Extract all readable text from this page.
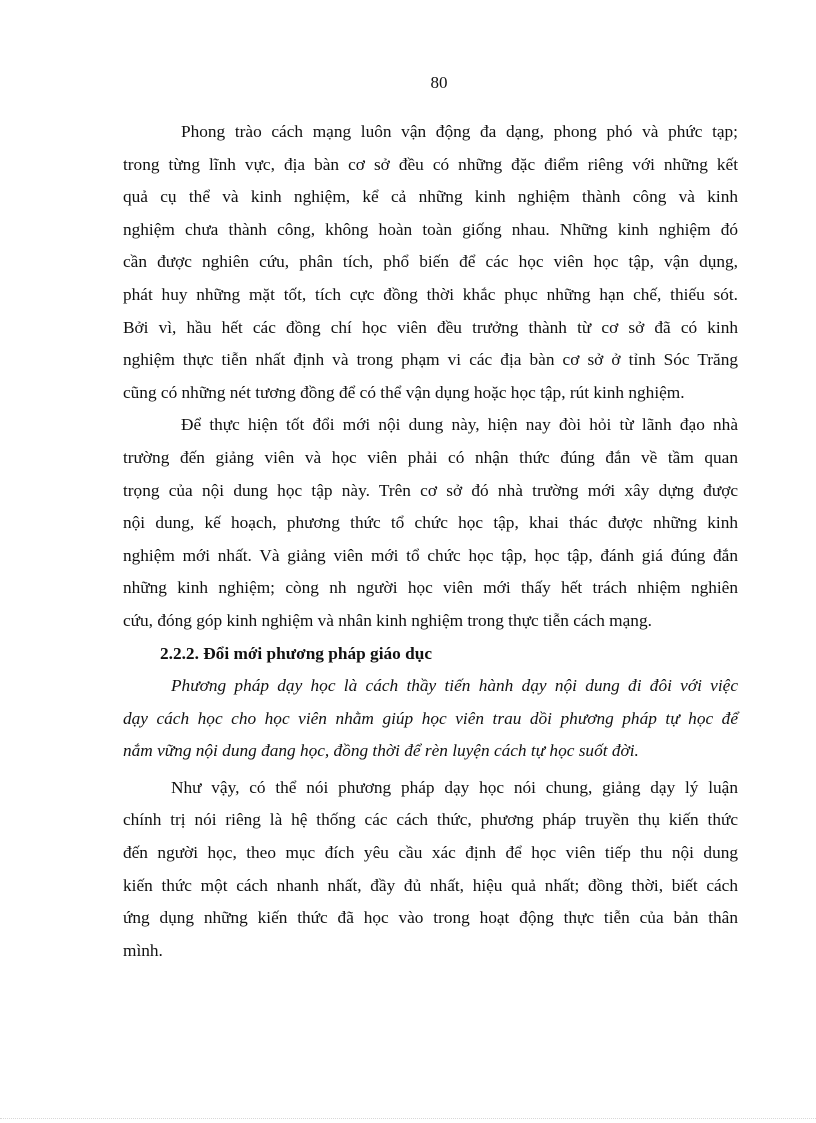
80

Phong trào cách mạng luôn vận động đa dạng, phong phó và phức tạp;
trong từng lĩnh vực, địa bàn cơ sở đều có những đặc điểm riêng với những kết
quả cụ thể và kinh nghiệm, kể cả những kinh nghiệm thành công và kinh
nghiệm chưa thành công, không hoàn toàn giống nhau. Những kinh nghiệm đó
cần được nghiên cứu, phân tích, phổ biến để các học viên học tập, vận dụng,
phát huy những mặt tốt, tích cực đồng thời khắc phục những hạn chế, thiếu sót.
Bởi vì, hầu hết các đồng chí học viên đều trưởng thành từ cơ sở đã có kinh
nghiệm thực tiễn nhất định và trong phạm vi các địa bàn cơ sở ở tỉnh Sóc Trăng
cũng có những nét tương đồng để có thể vận dụng hoặc học tập, rút kinh nghiệm.
Để thực hiện tốt đổi mới nội dung này, hiện nay đòi hỏi từ lãnh đạo nhà
trường đến giảng viên và học viên phải có nhận thức đúng đắn về tầm quan
trọng của nội dung học tập này. Trên cơ sở đó nhà trường mới xây dựng được
nội dung, kế hoạch, phương thức tổ chức học tập, khai thác được những kinh
nghiệm mới nhất. Và giảng viên mới tổ chức học tập, học tập, đánh giá đúng đắn
những kinh nghiệm; còng nh người học viên mới thấy hết trách nhiệm nghiên
cứu, đóng góp kinh nghiệm và nhân kinh nghiệm trong thực tiễn cách mạng.
2.2.2. Đổi mới phương pháp giáo dục
Phương pháp dạy học là cách thầy tiến hành dạy nội dung đi đôi với việc
dạy cách học cho học viên nhằm giúp học viên trau dồi phương pháp tự học để
nắm vững nội dung đang học, đồng thời để rèn luyện cách tự học suốt đời.
Như vậy, có thể nói phương pháp dạy học nói chung, giảng dạy lý luận
chính trị nói riêng là hệ thống các cách thức, phương pháp truyền thụ kiến thức
đến người học, theo mục đích yêu cầu xác định để học viên tiếp thu nội dung
kiến thức một cách nhanh nhất, đầy đủ nhất, hiệu quả nhất; đồng thời, biết cách
ứng dụng những kiến thức đã học vào trong hoạt động thực tiễn của bản thân
mình.
